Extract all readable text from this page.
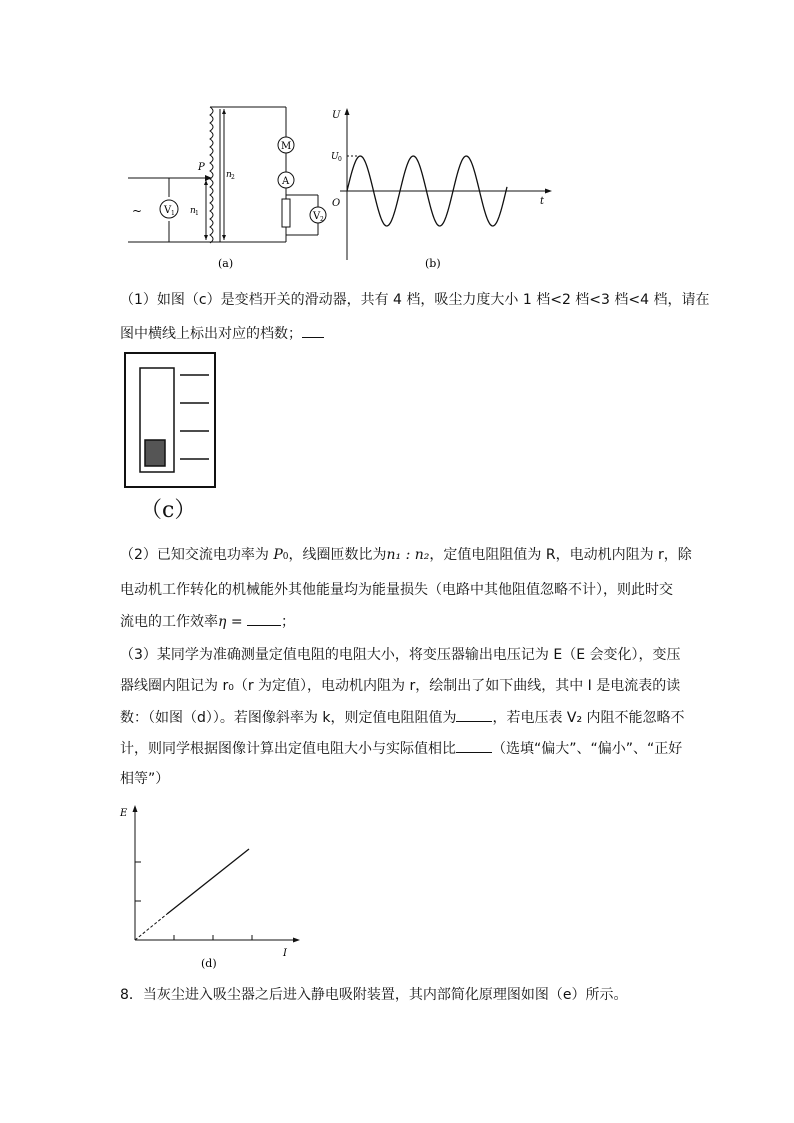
V 1	V 2
M
A
~
P
n 1
n 2
(a)
U
t
O
U 0
(b)
（1）如图（c）是变档开关的滑动器，共有 4 档，吸尘力度大小 1 档<2 档<3 档<4 档，请在
图中横线上标出对应的档数；
（c）
（2）已知交流电功率为 P0，线圈匝数比为n₁ : n₂，定值电阻阻值为 R，电动机内阻为 r，除
电动机工作转化的机械能外其他能量均为能量损失（电路中其他阻值忽略不计），则此时交
流电的工作效率η = ；
（3）某同学为准确测量定值电阻的电阻大小，将变压器输出电压记为 E（E 会变化），变压
器线圈内阻记为 r₀（r 为定值），电动机内阻为 r，绘制出了如下曲线，其中 I 是电流表的读
数：（如图（d））。若图像斜率为 k，则定值电阻阻值为	，若电压表 V₂ 内阻不能忽略不
计，则同学根据图像计算出定值电阻大小与实际值相比	（选填“偏大”、“偏小”、“正好
相等”）
E
I
(d)
8．当灰尘进入吸尘器之后进入静电吸附装置，其内部简化原理图如图（e）所示。
